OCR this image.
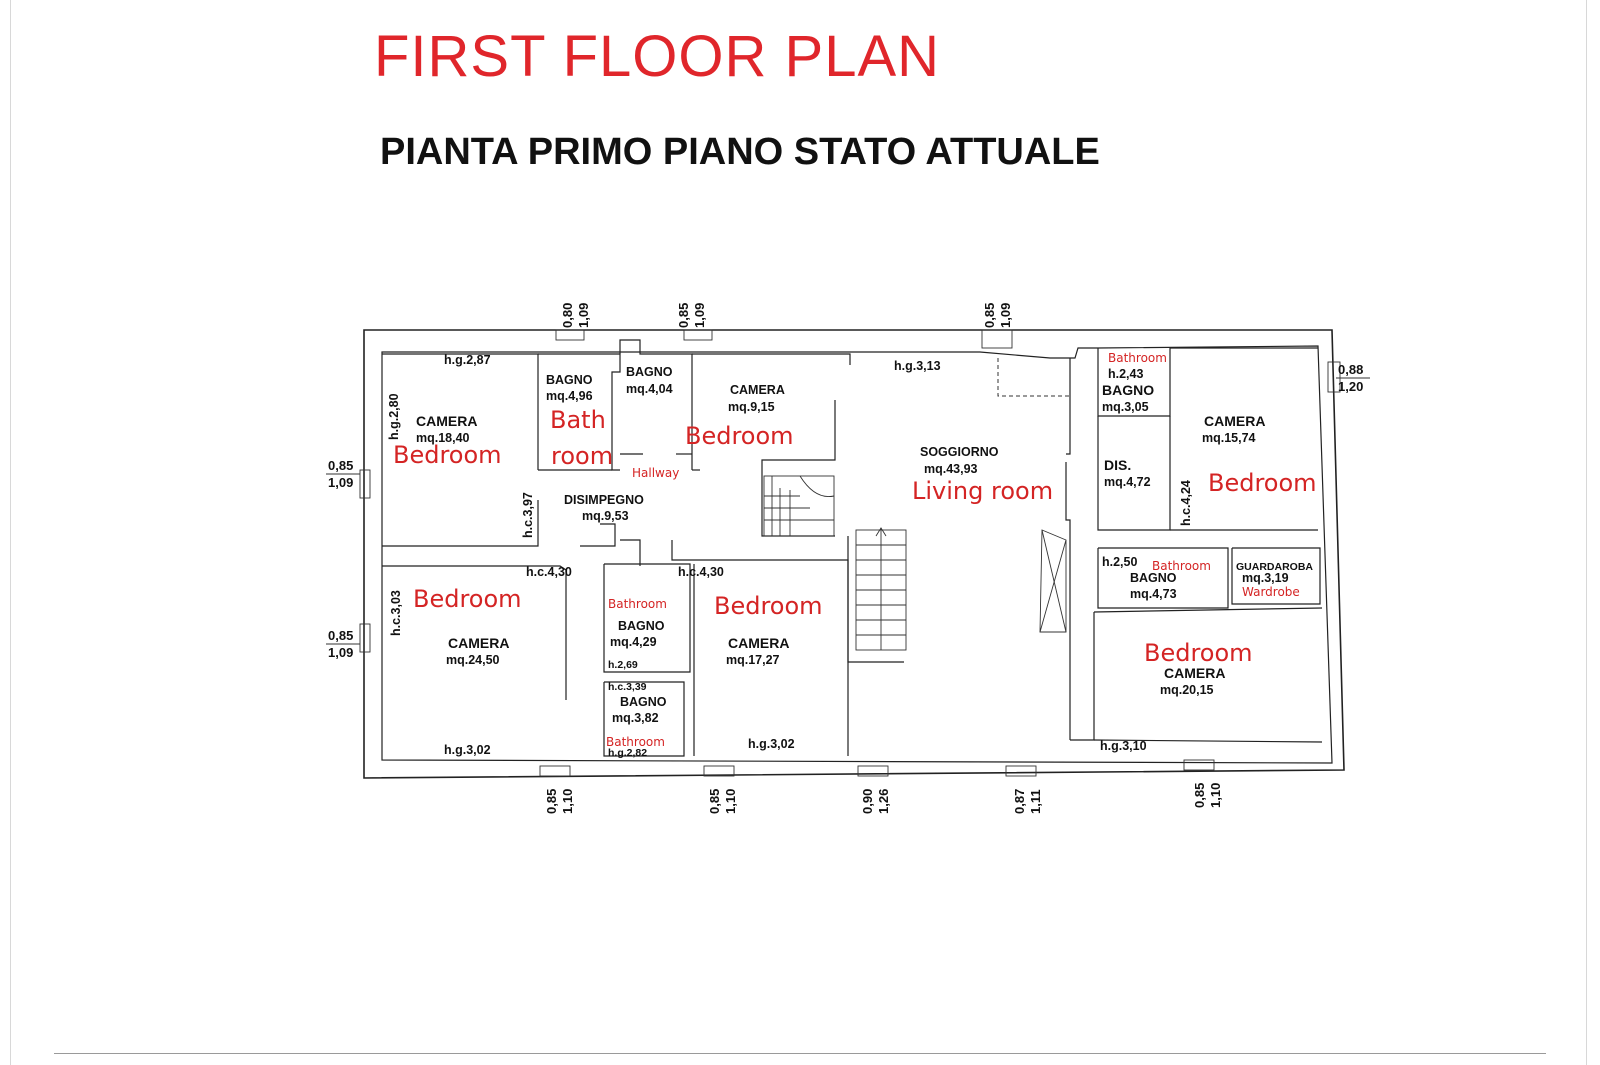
FIRST FLOOR PLAN
PIANTA PRIMO PIANO STATO ATTUALE
CAMERA
mq.18,40
BAGNO
mq.4,96
BAGNO
mq.4,04	CAMERA
mq.9,15
DISIMPEGNO
mq.9,53
SOGGIORNO
mq.43,93
BAGNO
mq.3,05
CAMERA
mq.15,74
DIS.
mq.4,72
CAMERA
mq.24,50
BAGNO
mq.4,29
BAGNO
mq.3,82
CAMERA
mq.17,27
BAGNO
mq.4,73
GUARDAROBA
mq.3,19
CAMERA
mq.20,15
Bedroom
Bath
room
Bedroom
Hallway
Living room
Bathroom
Bedroom
Bedroom	Bathroom
Bathroom
Bedroom
Bathroom
Wardrobe
Bedroom
h.g.2,87
h.g.2,80
h.g.3,13
h.2,43
h.c.3,97	h.c.4,24
h.c.4,30	h.c.4,30
h.2,50
h.c.3,03
h.2,69
h.c.3,39
h.g.3,02	h.g.2,82
h.g.3,02	h.g.3,10
0,80 1,09	0,85 1,09	0,85 1,09
0,88
1,20
0,85
1,09
0,85
1,09
0,85 1,10	0,85 1,10	0,90 1,26	0,87 1,11	0,85 1,10
